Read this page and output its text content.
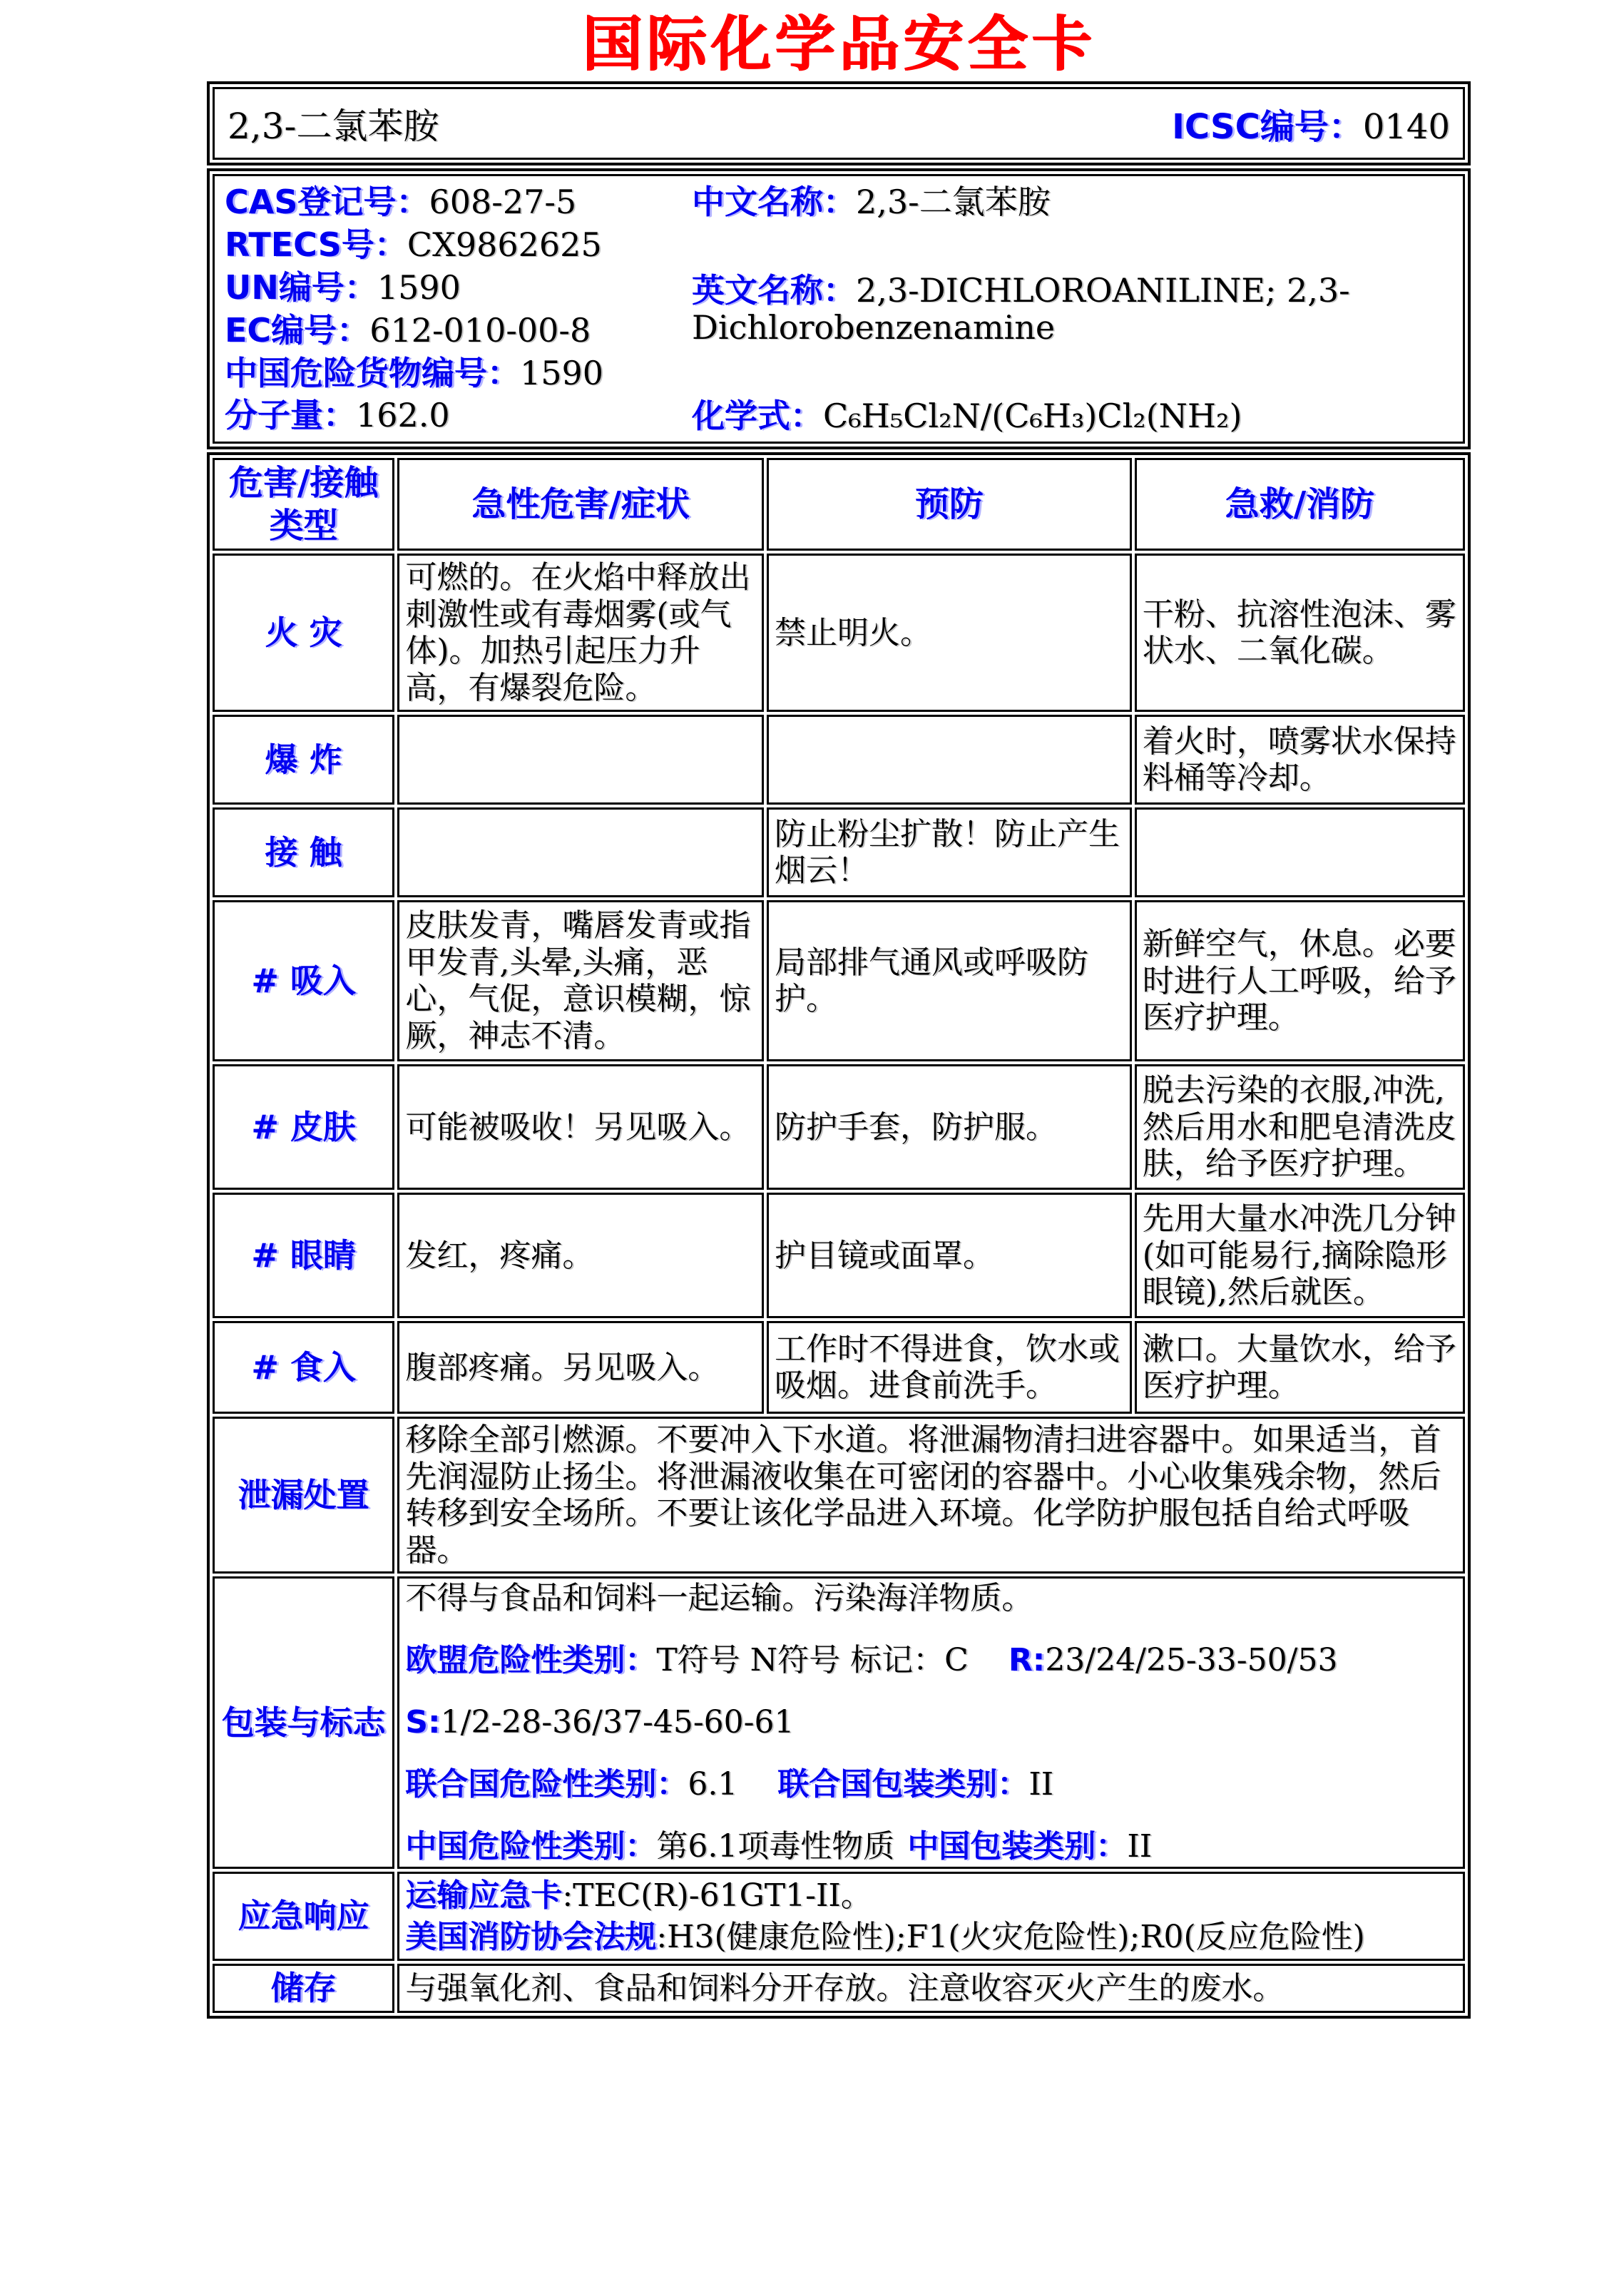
国际化学品安全卡
2,3-二氯苯胺	ICSC编号：0140
CAS登记号：608-27-5
RTECS号：CX9862625
UN编号：1590
EC编号：612-010-00-8
中国危险货物编号：1590
分子量：162.0
中文名称：2,3-二氯苯胺
英文名称：2,3-DICHLOROANILINE; 2,3-Dichlorobenzenamine
化学式：C₆H₅Cl₂N/(C₆H₃)Cl₂(NH₂)
危害/接触类型	急性危害/症状	预防	急救/消防
火 灾	可燃的。在火焰中释放出刺激性或有毒烟雾(或气体)。加热引起压力升高，有爆裂危险。	禁止明火。	干粉、抗溶性泡沫、雾状水、二氧化碳。
爆 炸			着火时，喷雾状水保持料桶等冷却。
接 触		防止粉尘扩散！防止产生烟云！	
# 吸入	皮肤发青，嘴唇发青或指甲发青,头晕,头痛，恶心，气促，意识模糊，惊厥，神志不清。	局部排气通风或呼吸防护。	新鲜空气，休息。必要时进行人工呼吸，给予医疗护理。
# 皮肤	可能被吸收！另见吸入。	防护手套，防护服。	脱去污染的衣服,冲洗,然后用水和肥皂清洗皮肤，给予医疗护理。
# 眼睛	发红，疼痛。	护目镜或面罩。	先用大量水冲洗几分钟(如可能易行,摘除隐形眼镜),然后就医。
# 食入	腹部疼痛。另见吸入。	工作时不得进食，饮水或吸烟。进食前洗手。	漱口。大量饮水，给予医疗护理。
泄漏处置	移除全部引燃源。不要冲入下水道。将泄漏物清扫进容器中。如果适当，首先润湿防止扬尘。将泄漏液收集在可密闭的容器中。小心收集残余物，然后转移到安全场所。不要让该化学品进入环境。化学防护服包括自给式呼吸器。		
包装与标志	不得与食品和饲料一起运输。污染海洋物质。

欧盟危险性类别：T符号 N符号 标记：C R:23/24/25-33-50/53

S:1/2-28-36/37-45-60-61

联合国危险性类别：6.1 联合国包装类别：II

中国危险性类别：第6.1项毒性物质 中国包装类别：II		

应急响应	运输应急卡:TEC(R)-61GT1-II。

美国消防协会法规:H3(健康危险性);F1(火灾危险性);R0(反应危险性)		

储存	与强氧化剂、食品和饲料分开存放。注意收容灭火产生的废水。		
